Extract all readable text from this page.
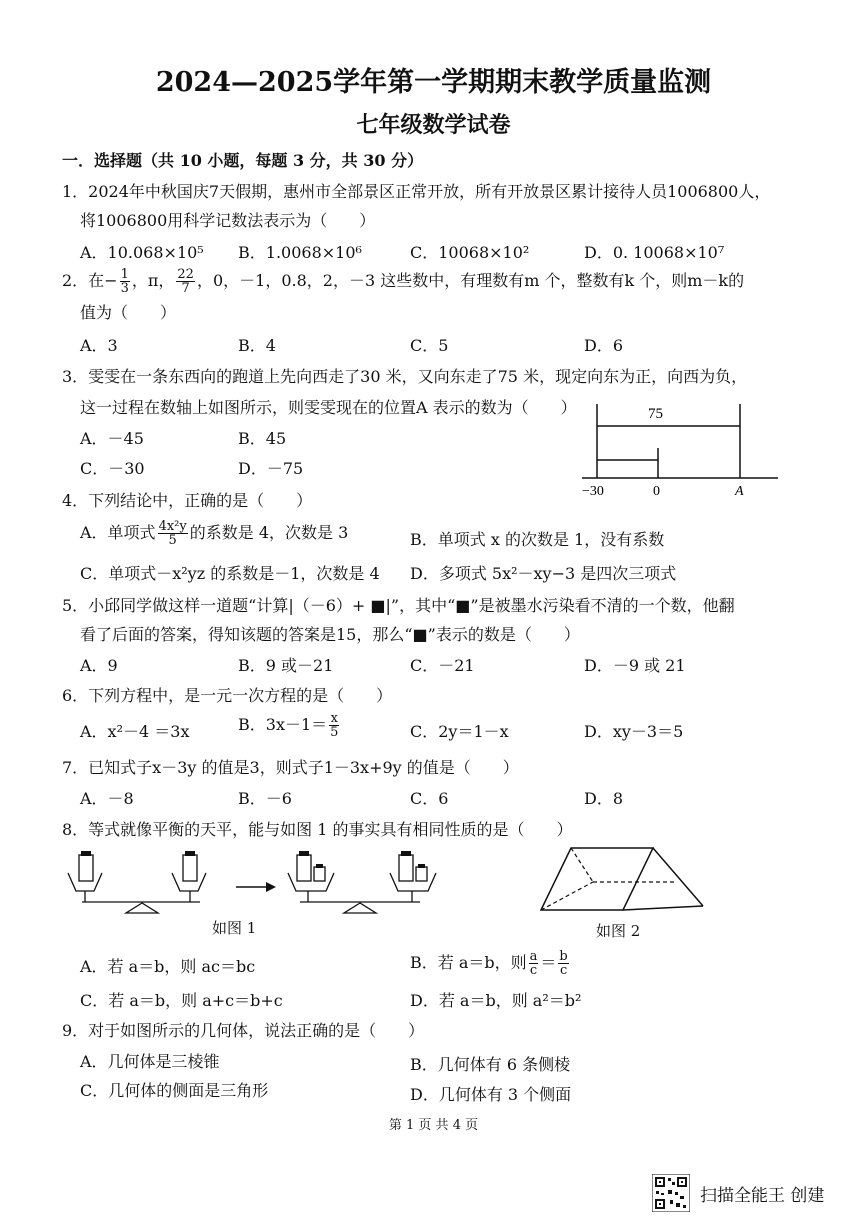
2024—2025学年第一学期期末教学质量监测
七年级数学试卷
一．选择题（共 10 小题，每题 3 分，共 30 分）
1．2024年中秋国庆7天假期，惠州市全部景区正常开放，所有开放景区累计接待人员1006800人，
将1006800用科学记数法表示为（　　）
A．10.068×10⁵ B．1.0068×10⁶	C．10068×10²	D．0. 10068×10⁷
2．在− $\frac{1}{3}$ ，π， $\frac{22}{7}$ ，0，－1，0.8，2，－3 这些数中，有理数有m 个，整数有k 个，则m－k的
值为（　　）
A．3	B．4	C．5	D．6
3．雯雯在一条东西向的跑道上先向西走了30 米，又向东走了75 米，现定向东为正，向西为负，
这一过程在数轴上如图所示，则雯雯现在的位置A 表示的数为（　　）
A．－45	B．45
C．－30	D．－75
75
−30	0	A
4．下列结论中，正确的是（　　）
A．单项式 $\frac{\text{4x²y}}{5}$ 的系数是 4，次数是 3	B．单项式 x 的次数是 1，没有系数
C．单项式－x²yz 的系数是－1，次数是 4 D．多项式 5x²－xy−3 是四次三项式
5．小邱同学做这样一道题“计算|（－6）+ ■|”，其中“■”是被墨水污染看不清的一个数，他翻
看了后面的答案，得知该题的答案是15，那么“■”表示的数是（　　）
A．9	B．9 或－21	C．－21	D．－9 或 21
6．下列方程中，是一元一次方程的是（　　）
A．x²－4 ＝3x	B．$3x-1= \frac{x}{5}$	C．2y＝1－x	D．xy－3＝5
7．已知式子x－3y 的值是3，则式子1－3x+9y 的值是（　　）
A．－8	B．－6	C．6	D．8
8．等式就像平衡的天平，能与如图 1 的事实具有相同性质的是（　　）
如图 1	如图 2
A．若 a＝b，则 ac＝bc	B．若 a＝b，则 $\frac{a}{c} = \frac{b}{c}$
C．若 a＝b，则 a+c＝b+c	D．若 a＝b，则 a²＝b²
9．对于如图所示的几何体，说法正确的是（　　）
A．几何体是三棱锥	B．几何体有 6 条侧棱
C．几何体的侧面是三角形	D．几何体有 3 个侧面
第 1 页 共 4 页
扫描全能王 创建
